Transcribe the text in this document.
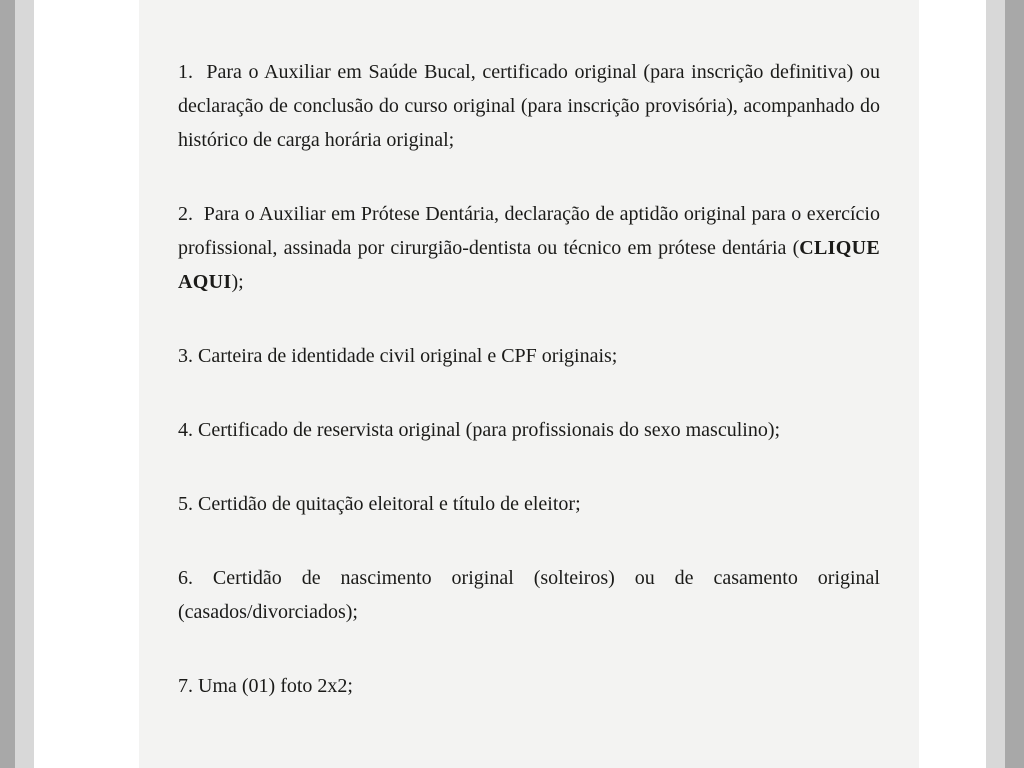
1.  Para o Auxiliar em Saúde Bucal, certificado original (para inscrição definitiva) ou declaração de conclusão do curso original (para inscrição provisória), acompanhado do histórico de carga horária original;

2.  Para o Auxiliar em Prótese Dentária, declaração de aptidão original para o exercício profissional, assinada por cirurgião-dentista ou técnico em prótese dentária (CLIQUE AQUI);

3. Carteira de identidade civil original e CPF originais;

4. Certificado de reservista original (para profissionais do sexo masculino);

5. Certidão de quitação eleitoral e título de eleitor;

6. Certidão de nascimento original (solteiros) ou de casamento original (casados/divorciados);

7. Uma (01) foto 2x2;
